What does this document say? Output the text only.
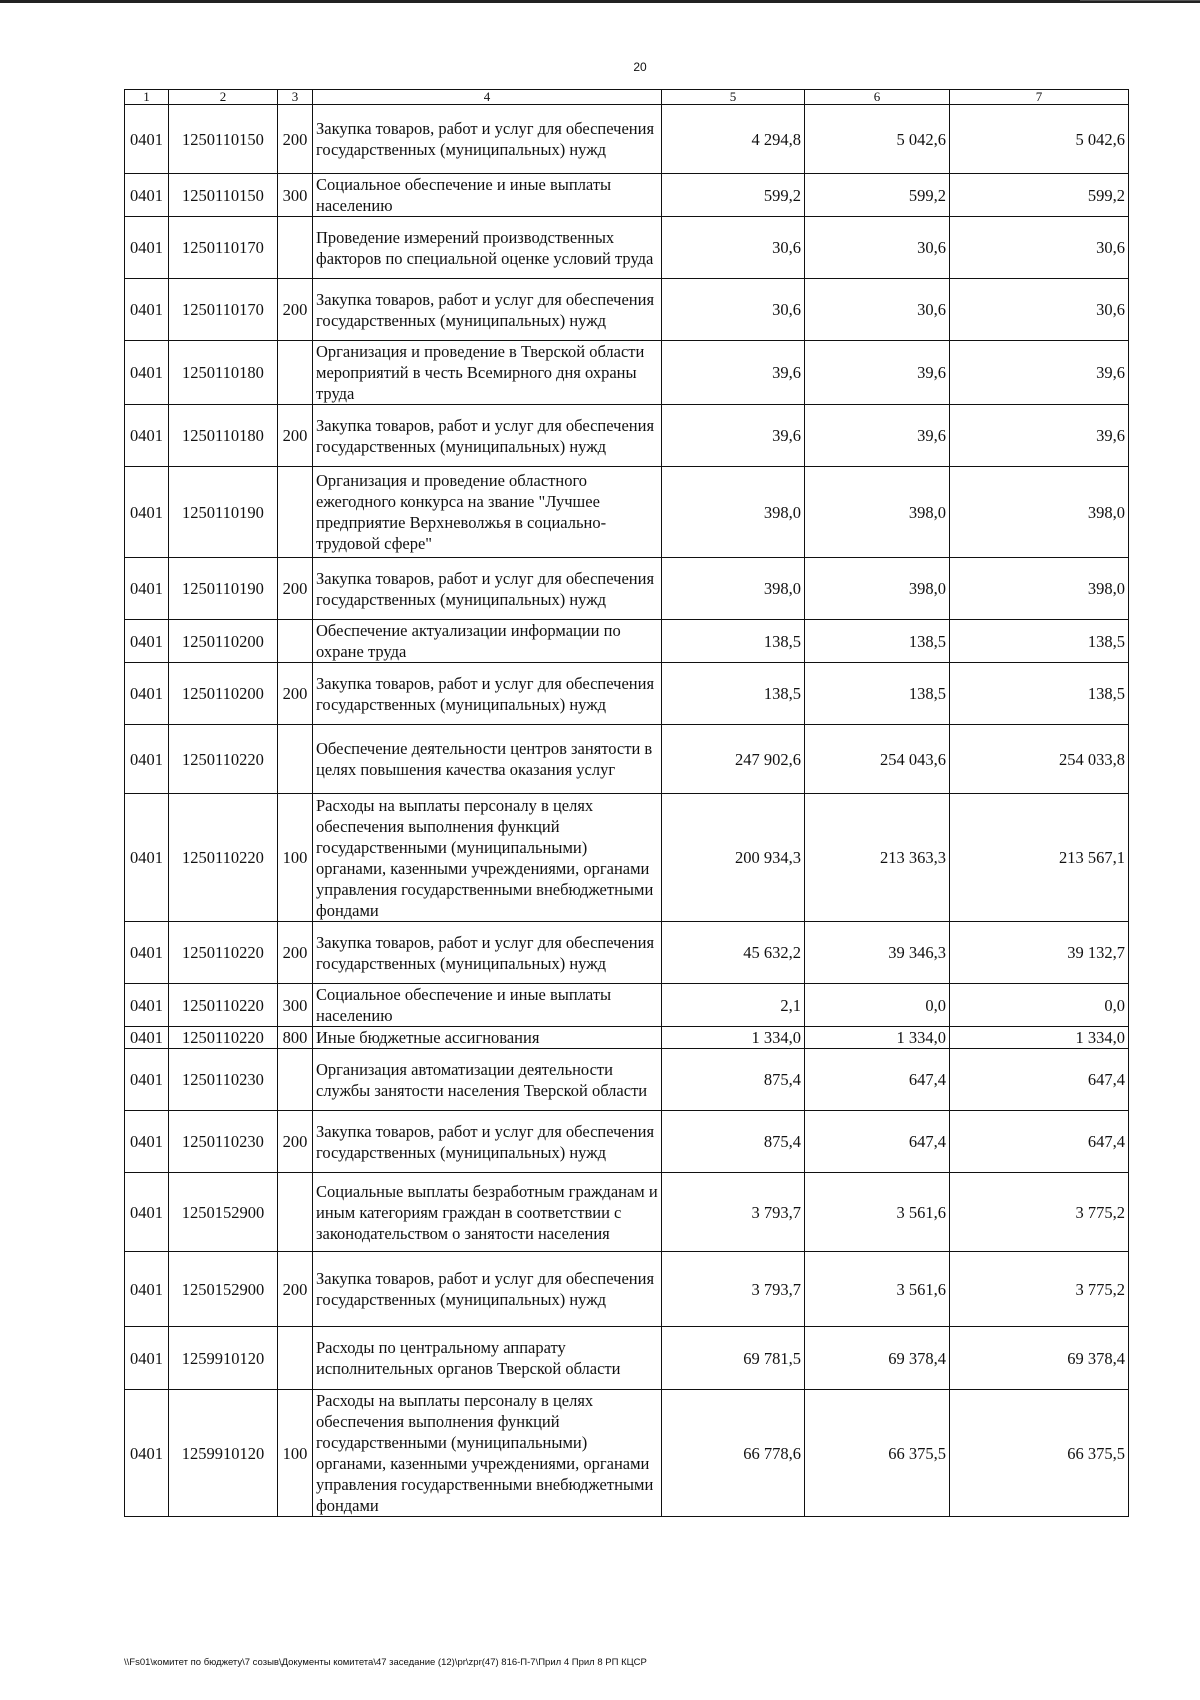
20
1	2	3	4	5	6	7
0401	1250110150	200	Закупка товаров, работ и услуг для обеспечения государственных (муниципальных) нужд	4 294,8	5 042,6	5 042,6
0401	1250110150	300	Социальное обеспечение и иные выплаты населению	599,2	599,2	599,2
0401	1250110170		Проведение измерений производственных факторов по специальной оценке условий труда	30,6	30,6	30,6
0401	1250110170	200	Закупка товаров, работ и услуг для обеспечения государственных (муниципальных) нужд	30,6	30,6	30,6
0401	1250110180		Организация и проведение в Тверской области мероприятий в честь Всемирного дня охраны труда	39,6	39,6	39,6
0401	1250110180	200	Закупка товаров, работ и услуг для обеспечения государственных (муниципальных) нужд	39,6	39,6	39,6
0401	1250110190		Организация и проведение областного ежегодного конкурса на звание "Лучшее предприятие Верхневолжья в социально-трудовой сфере"	398,0	398,0	398,0
0401	1250110190	200	Закупка товаров, работ и услуг для обеспечения государственных (муниципальных) нужд	398,0	398,0	398,0
0401	1250110200		Обеспечение актуализации информации по охране труда	138,5	138,5	138,5
0401	1250110200	200	Закупка товаров, работ и услуг для обеспечения государственных (муниципальных) нужд	138,5	138,5	138,5
0401	1250110220		Обеспечение деятельности центров занятости в целях повышения качества оказания услуг	247 902,6	254 043,6	254 033,8
0401	1250110220	100	Расходы на выплаты персоналу в целях обеспечения выполнения функций государственными (муниципальными) органами, казенными учреждениями, органами управления государственными внебюджетными фондами	200 934,3	213 363,3	213 567,1
0401	1250110220	200	Закупка товаров, работ и услуг для обеспечения государственных (муниципальных) нужд	45 632,2	39 346,3	39 132,7
0401	1250110220	300	Социальное обеспечение и иные выплаты населению	2,1	0,0	0,0
0401	1250110220	800	Иные бюджетные ассигнования	1 334,0	1 334,0	1 334,0
0401	1250110230		Организация автоматизации деятельности службы занятости населения Тверской области	875,4	647,4	647,4
0401	1250110230	200	Закупка товаров, работ и услуг для обеспечения государственных (муниципальных) нужд	875,4	647,4	647,4
0401	1250152900		Социальные выплаты безработным гражданам и иным категориям граждан в соответствии с законодательством о занятости населения	3 793,7	3 561,6	3 775,2
0401	1250152900	200	Закупка товаров, работ и услуг для обеспечения государственных (муниципальных) нужд	3 793,7	3 561,6	3 775,2
0401	1259910120		Расходы по центральному аппарату исполнительных органов Тверской области	69 781,5	69 378,4	69 378,4
0401	1259910120	100	Расходы на выплаты персоналу в целях обеспечения выполнения функций государственными (муниципальными) органами, казенными учреждениями, органами управления государственными внебюджетными фондами	66 778,6	66 375,5	66 375,5
\\Fs01\комитет по бюджету\7 созыв\Документы комитета\47 заседание (12)\pr\zpr(47) 816-П-7\Прил 4 Прил 8 РП КЦСР
